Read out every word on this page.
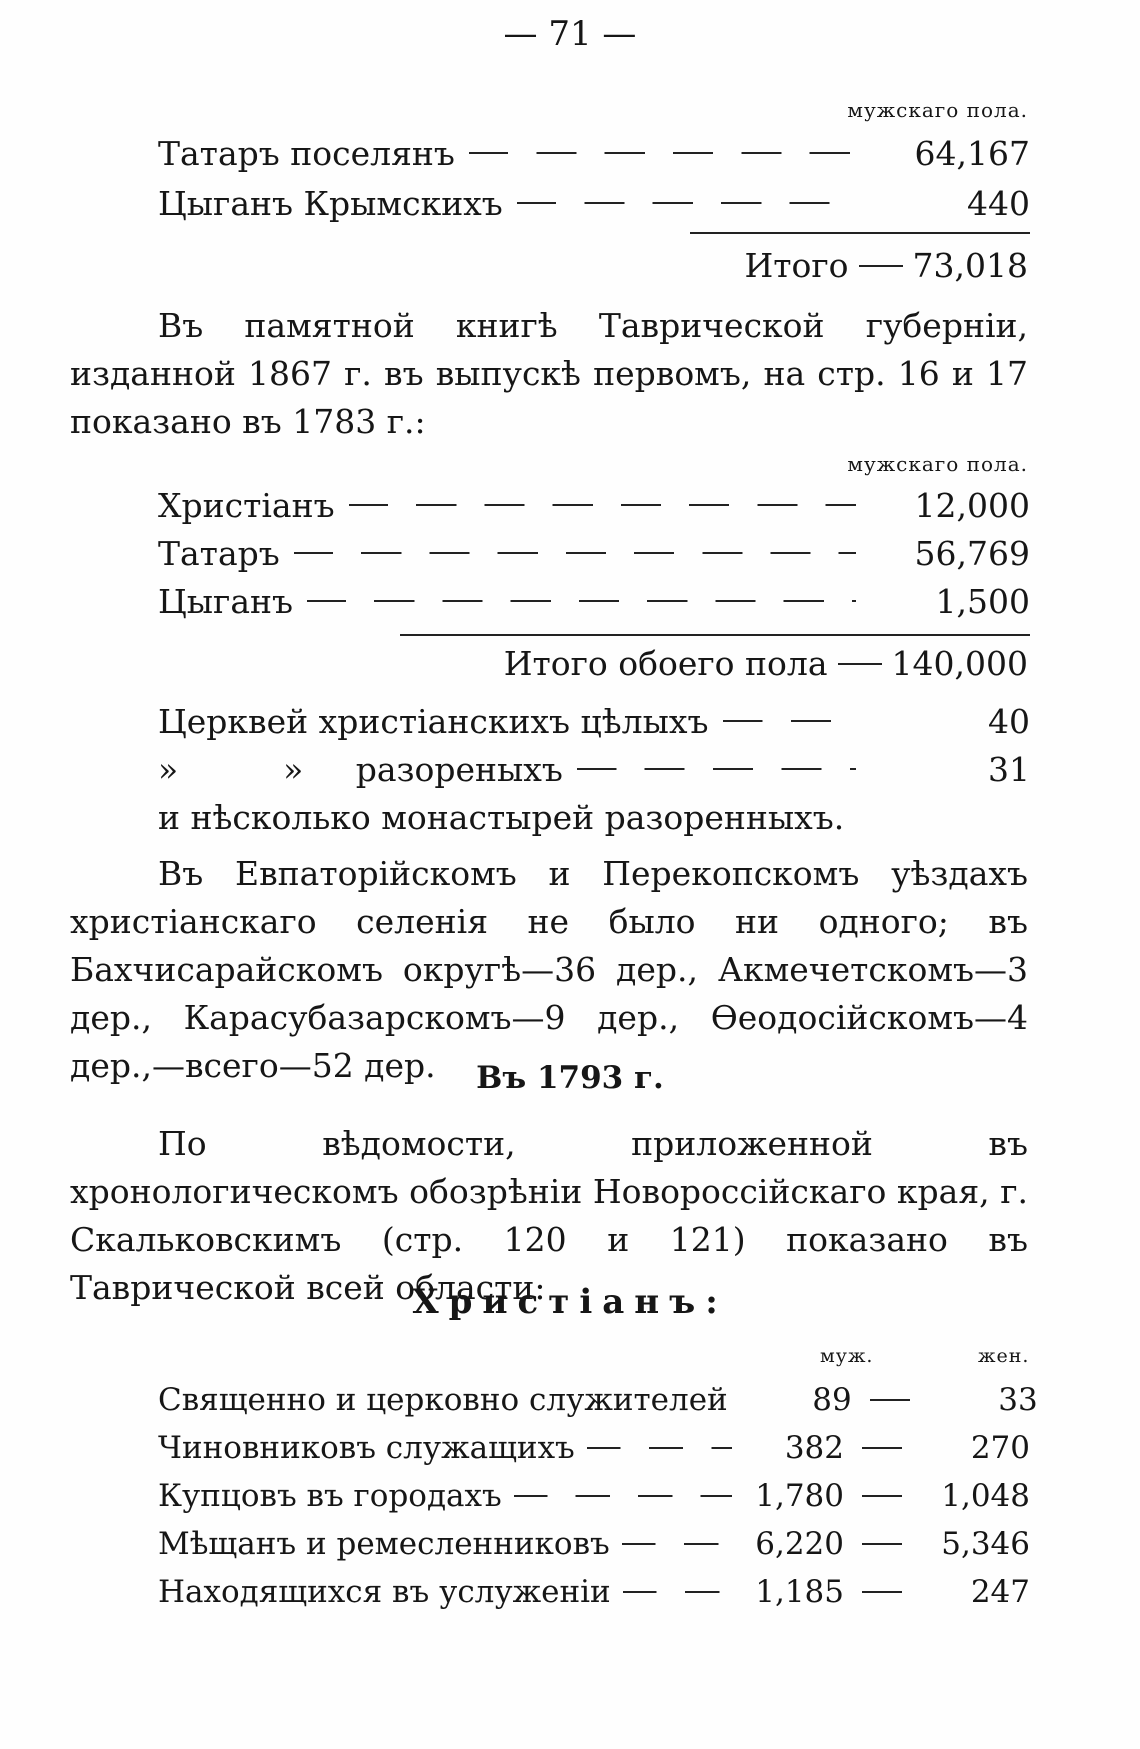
— 71 —
мужскаго пола.
Татаръ поселянъ	64,167
Цыганъ Крымскихъ	440
Итого 73,018

Въ памятной книгѣ Таврической губерніи, изданной 1867 г. въ выпускѣ первомъ, на стр. 16 и 17 показано въ 1783 г.:

мужскаго пола.
Христіанъ	12,000
Татаръ	56,769
Цыганъ	1,500
Итого обоего пола 140,000
Церквей христіанскихъ цѣлыхъ	40
»          »     разореныхъ	31
и нѣсколько монастырей разоренныхъ.

Въ Евпаторійскомъ и Перекопскомъ уѣздахъ христіанскаго селенія не было ни одного; въ Бахчисарайскомъ округѣ—36 дер., Акмечетскомъ—3 дер., Карасубазарскомъ—9 дер., Ѳеодосійскомъ—4 дер.,—всего—52 дер.	Въ 1793 г.

По вѣдомости, приложенной въ хронологическомъ обозрѣніи Новороссійскаго края, г. Скальковскимъ (стр. 120 и 121) показано въ Таврической всей области:

Христіанъ:
муж.	жен.
Священно и церковно служителей	89	33
Чиновниковъ служащихъ	382	270
Купцовъ въ городахъ	1,780	1,048
Мѣщанъ и ремесленниковъ	6,220	5,346
Находящихся въ услуженіи	1,185	247
